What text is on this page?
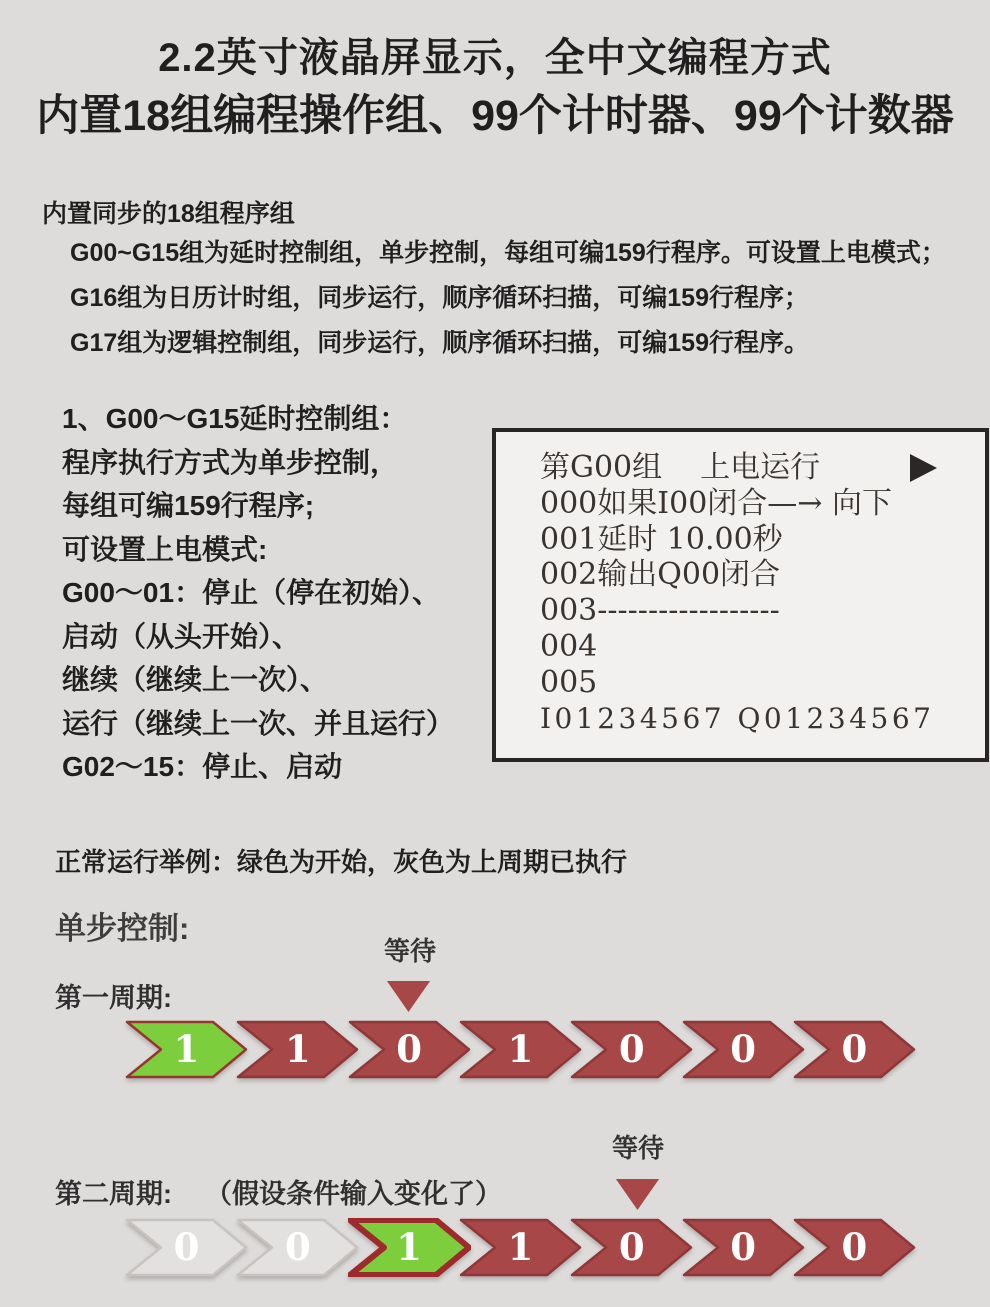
2.2英寸液晶屏显示，全中文编程方式
内置18组编程操作组、99个计时器、99个计数器
内置同步的18组程序组
G00~G15组为延时控制组，单步控制，每组可编159行程序。可设置上电模式；
G16组为日历计时组，同步运行，顺序循环扫描，可编159行程序；
G17组为逻辑控制组，同步运行，顺序循环扫描，可编159行程序。
1、G00～G15延时控制组：
程序执行方式为单步控制，
每组可编159行程序;
可设置上电模式:
G00～01：停止（停在初始）、
启动（从头开始）、
继续（继续上一次）、
运行（继续上一次、并且运行）
G02～15：停止、启动
第G00组 上电运行
000如果I00闭合—→ 向下
001延时 10.00秒
002输出Q00闭合
003------------------
004
005
I01234567 Q01234567
正常运行举例：绿色为开始，灰色为上周期已执行
单步控制:
等待
第一周期:
1	1	0	1	0	0	0
等待
第二周期: （假设条件输入变化了）
0	0	1	1	0	0	0
